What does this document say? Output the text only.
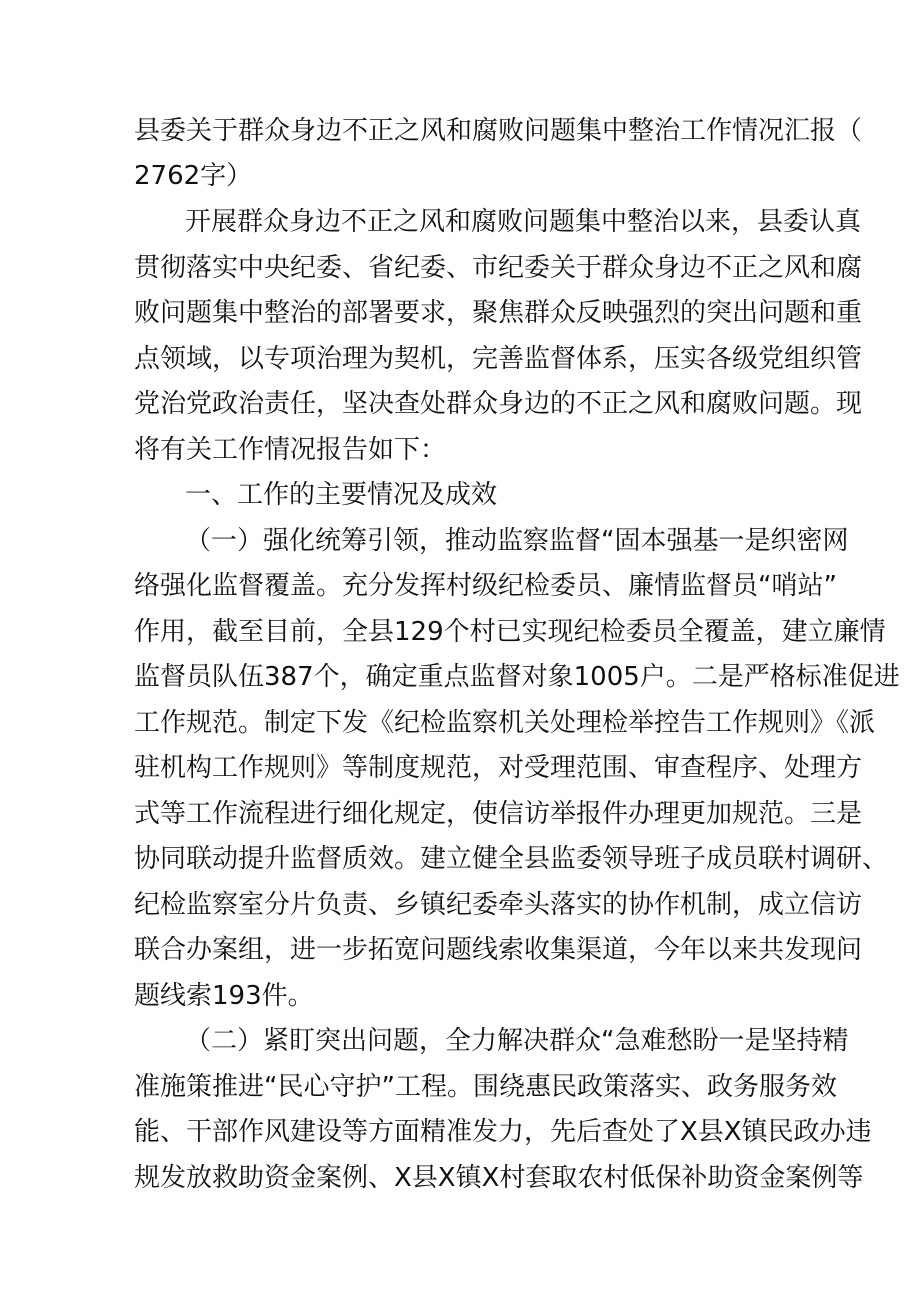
县委关于群众身边不正之风和腐败问题集中整治工作情况汇报（
2762字）
开展群众身边不正之风和腐败问题集中整治以来，县委认真
贯彻落实中央纪委、省纪委、市纪委关于群众身边不正之风和腐
败问题集中整治的部署要求，聚焦群众反映强烈的突出问题和重
点领域，以专项治理为契机，完善监督体系，压实各级党组织管
党治党政治责任，坚决查处群众身边的不正之风和腐败问题。现
将有关工作情况报告如下：
一、工作的主要情况及成效
（一）强化统筹引领，推动监察监督“固本强基一是织密网
络强化监督覆盖。充分发挥村级纪检委员、廉情监督员“哨站”
作用，截至目前，全县129个村已实现纪检委员全覆盖，建立廉情
监督员队伍387个，确定重点监督对象1005户。二是严格标准促进
工作规范。制定下发《纪检监察机关处理检举控告工作规则》《派
驻机构工作规则》等制度规范，对受理范围、审查程序、处理方
式等工作流程进行细化规定，使信访举报件办理更加规范。三是
协同联动提升监督质效。建立健全县监委领导班子成员联村调研、
纪检监察室分片负责、乡镇纪委牵头落实的协作机制，成立信访
联合办案组，进一步拓宽问题线索收集渠道，今年以来共发现问
题线索193件。
（二）紧盯突出问题，全力解决群众“急难愁盼一是坚持精
准施策推进“民心守护”工程。围绕惠民政策落实、政务服务效
能、干部作风建设等方面精准发力，先后查处了X县X镇民政办违
规发放救助资金案例、X县X镇X村套取农村低保补助资金案例等
